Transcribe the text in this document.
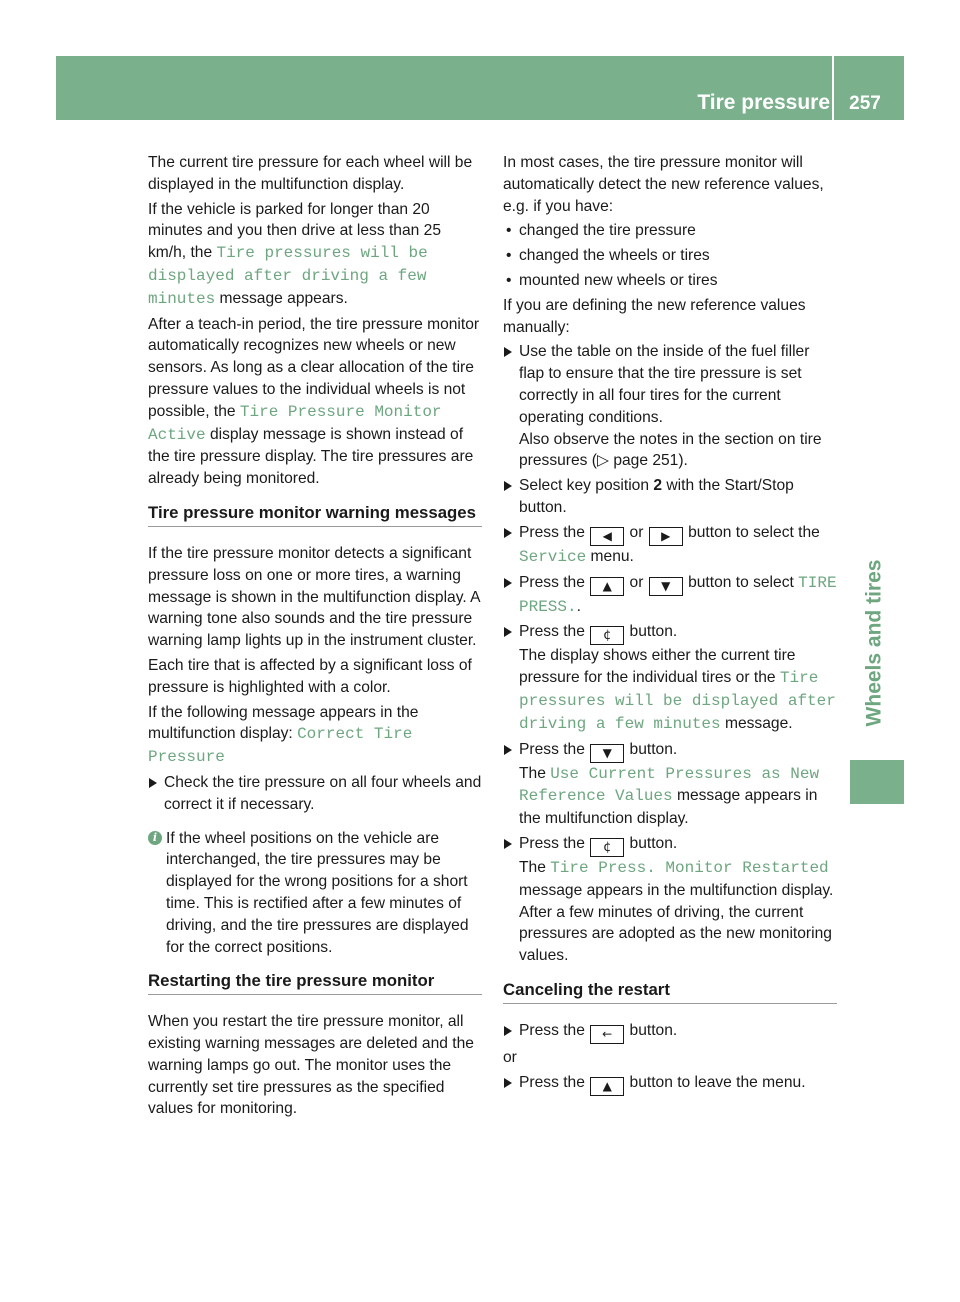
Tire pressure	257
Wheels and tires

The current tire pressure for each wheel will be displayed in the multifunction display.

If the vehicle is parked for longer than 20 minutes and you then drive at less than 25 km/h, the Tire pressures will be displayed after driving a few minutes message appears.

After a teach-in period, the tire pressure monitor automatically recognizes new wheels or new sensors. As long as a clear allocation of the tire pressure values to the individual wheels is not possible, the Tire Pressure Monitor Active display message is shown instead of the tire pressure display. The tire pressures are already being monitored.

Tire pressure monitor warning messages

If the tire pressure monitor detects a significant pressure loss on one or more tires, a warning message is shown in the multifunction display. A warning tone also sounds and the tire pressure warning lamp lights up in the instrument cluster.

Each tire that is affected by a significant loss of pressure is highlighted with a color.

If the following message appears in the multifunction display: Correct Tire Pressure

Check the tire pressure on all four wheels and correct it if necessary.
i If the wheel positions on the vehicle are interchanged, the tire pressures may be displayed for the wrong positions for a short time. This is rectified after a few minutes of driving, and the tire pressures are displayed for the correct positions.
Restarting the tire pressure monitor

When you restart the tire pressure monitor, all existing warning messages are deleted and the warning lamps go out. The monitor uses the currently set tire pressures as the specified values for monitoring.

In most cases, the tire pressure monitor will automatically detect the new reference values, e.g. if you have:

• changed the tire pressure
• changed the wheels or tires
• mounted new wheels or tires

If you are defining the new reference values manually:

Use the table on the inside of the fuel filler flap to ensure that the tire pressure is set correctly in all four tires for the current operating conditions.
Also observe the notes in the section on tire pressures (▷ page 251).
Select key position 2 with the Start/Stop button.
Press the ◀ or ▶ button to select the Service menu.
Press the ▲ or ▼ button to select TIRE PRESS..
Press the ¢ button.
The display shows either the current tire pressure for the individual tires or the Tire pressures will be displayed after driving a few minutes message.
Press the ▼ button.
The Use Current Pressures as New Reference Values message appears in the multifunction display.
Press the ¢ button.
The Tire Press. Monitor Restarted message appears in the multifunction display.
After a few minutes of driving, the current pressures are adopted as the new monitoring values.
Canceling the restart
Press the ← button.

or

Press the ▲ button to leave the menu.
